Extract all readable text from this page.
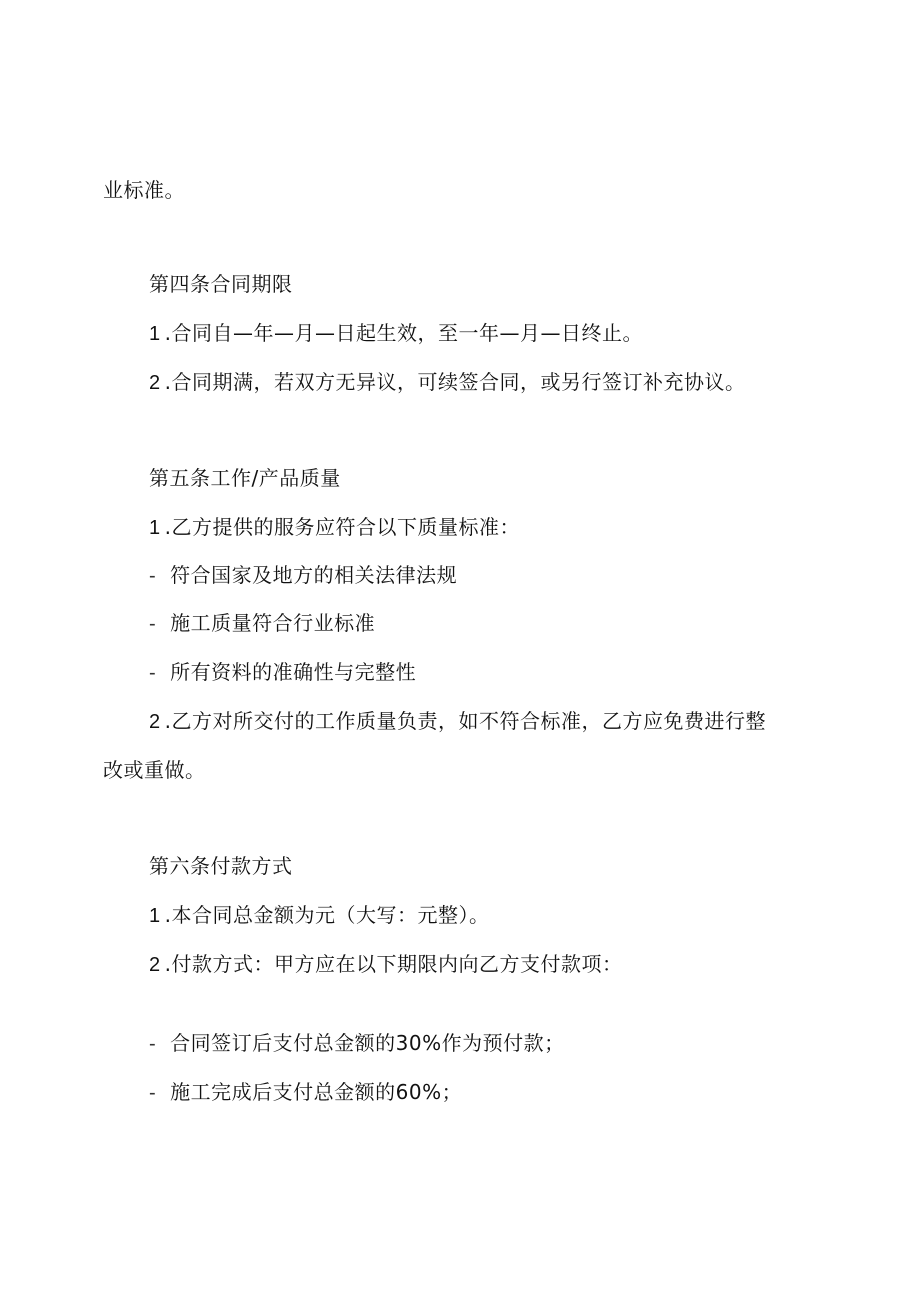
业标准。

第四条合同期限

1 .合同自—年—月—日起生效，至一年—月—日终止。

2 .合同期满，若双方无异议，可续签合同，或另行签订补充协议。

第五条工作/产品质量

1 .乙方提供的服务应符合以下质量标准：

- 符合国家及地方的相关法律法规

- 施工质量符合行业标准

- 所有资料的准确性与完整性

2 .乙方对所交付的工作质量负责，如不符合标准，乙方应免费进行整

改或重做。

第六条付款方式

1 .本合同总金额为元（大写：元整）。

2 .付款方式：甲方应在以下期限内向乙方支付款项：

- 合同签订后支付总金额的30%作为预付款；

- 施工完成后支付总金额的60%；
